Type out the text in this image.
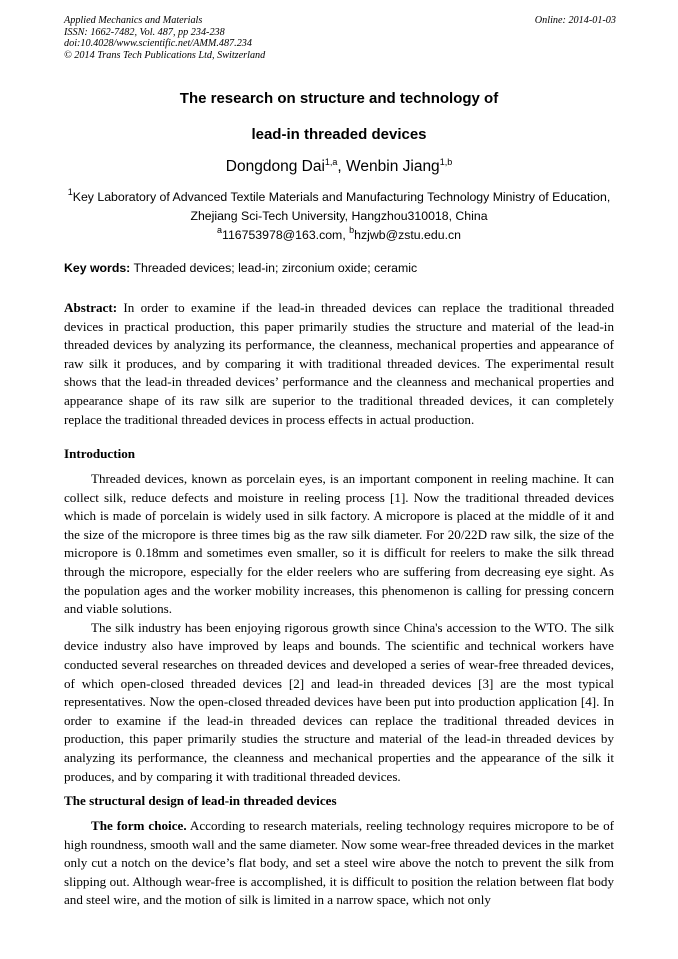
Applied Mechanics and Materials
ISSN: 1662-7482, Vol. 487, pp 234-238
doi:10.4028/www.scientific.net/AMM.487.234
© 2014 Trans Tech Publications Ltd, Switzerland
Online: 2014-01-03
The research on structure and technology of
lead-in threaded devices
Dongdong Dai$^{1,a}$, Wenbin Jiang$^{1,b}$
$^1$Key Laboratory of Advanced Textile Materials and Manufacturing Technology Ministry of Education,
Zhejiang Sci-Tech University, Hangzhou310018, China
$^a$116753978@163.com, $^b$hzjwb@zstu.edu.cn
Key words: Threaded devices; lead-in; zirconium oxide; ceramic
Abstract: In order to examine if the lead-in threaded devices can replace the traditional threaded devices in practical production, this paper primarily studies the structure and material of the lead-in threaded devices by analyzing its performance, the cleanness, mechanical properties and appearance of raw silk it produces, and by comparing it with traditional threaded devices. The experimental result shows that the lead-in threaded devices’ performance and the cleanness and mechanical properties and appearance shape of its raw silk are superior to the traditional threaded devices, it can completely replace the traditional threaded devices in process effects in actual production.
Introduction

Threaded devices, known as porcelain eyes, is an important component in reeling machine. It can collect silk, reduce defects and moisture in reeling process [1]. Now the traditional threaded devices which is made of porcelain is widely used in silk factory. A micropore is placed at the middle of it and the size of the micropore is three times big as the raw silk diameter. For 20/22D raw silk, the size of the micropore is 0.18mm and sometimes even smaller, so it is difficult for reelers to make the silk thread through the micropore, especially for the elder reelers who are suffering from decreasing eye sight. As the population ages and the worker mobility increases, this phenomenon is calling for pressing concern and viable solutions.

The silk industry has been enjoying rigorous growth since China's accession to the WTO. The silk device industry also have improved by leaps and bounds. The scientific and technical workers have conducted several researches on threaded devices and developed a series of wear-free threaded devices, of which open-closed threaded devices [2] and lead-in threaded devices [3] are the most typical representatives. Now the open-closed threaded devices have been put into production application [4]. In order to examine if the lead-in threaded devices can replace the traditional threaded devices in production, this paper primarily studies the structure and material of the lead-in threaded devices by analyzing its performance, the cleanness and mechanical properties and the appearance of the silk it produces, and by comparing it with traditional threaded devices.

The structural design of lead-in threaded devices

The form choice. According to research materials, reeling technology requires micropore to be of high roundness, smooth wall and the same diameter. Now some wear-free threaded devices in the market only cut a notch on the device’s flat body, and set a steel wire above the notch to prevent the silk from slipping out. Although wear-free is accomplished, it is difficult to position the relation between flat body and steel wire, and the motion of silk is limited in a narrow space, which not only
